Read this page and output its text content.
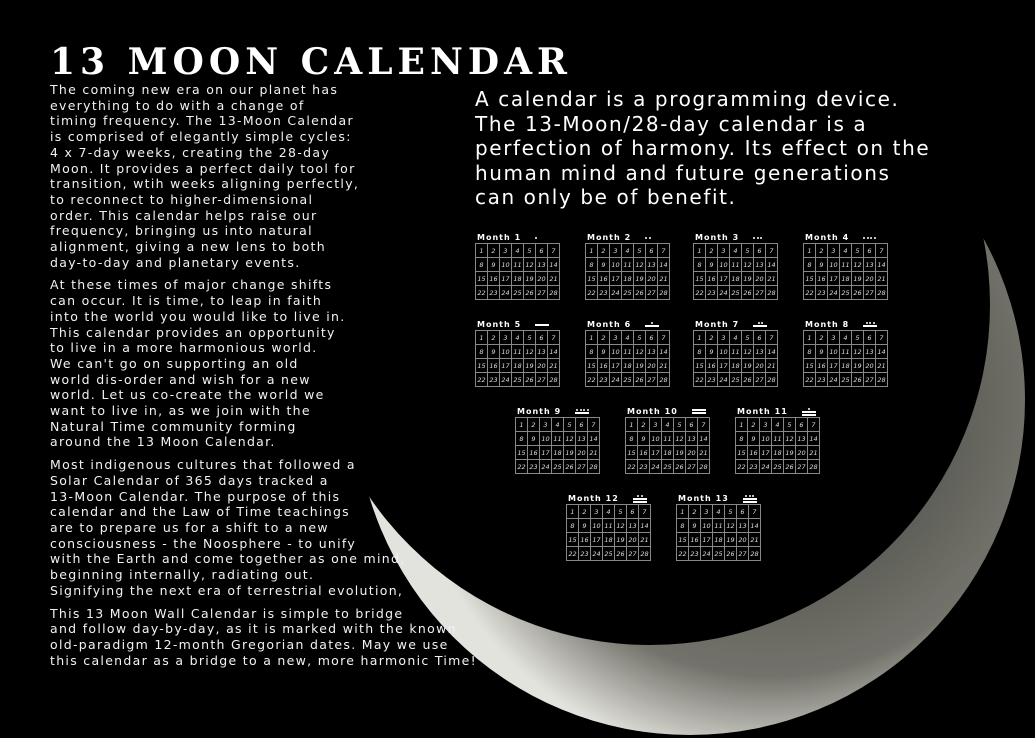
13 MOON CALENDAR

The coming new era on our planet has
everything to do with a change of
timing frequency. The 13-Moon Calendar
is comprised of elegantly simple cycles:
4 x 7-day weeks, creating the 28-day
Moon. It provides a perfect daily tool for
transition, wtih weeks aligning perfectly,
to reconnect to higher-dimensional
order. This calendar helps raise our
frequency, bringing us into natural
alignment, giving a new lens to both
day-to-day and planetary events.

At these times of major change shifts
can occur. It is time, to leap in faith
into the world you would like to live in.
This calendar provides an opportunity
to live in a more harmonious world.
We can't go on supporting an old
world dis-order and wish for a new
world. Let us co-create the world we
want to live in, as we join with the
Natural Time community forming
around the 13 Moon Calendar.

Most indigenous cultures that followed a
Solar Calendar of 365 days tracked a
13-Moon Calendar. The purpose of this
calendar and the Law of Time teachings
are to prepare us for a shift to a new
consciousness - the Noosphere - to unify
with the Earth and come together as one mind,
beginning internally, radiating out.
Signifying the next era of terrestrial evolution,

This 13 Moon Wall Calendar is simple to bridge
and follow day-by-day, as it is marked with the known
old-paradigm 12-month Gregorian dates. May we use
this calendar as a bridge to a new, more harmonic Time!

A calendar is a programming device.
The 13-Moon/28-day calendar is a
perfection of harmony. Its effect on the
human mind and future generations
can only be of benefit.

Month 1
1	2	3	4	5	6	7
8	9 10 11 12 13 14
15 16 17 18 19 20 21
22 23 24 25 26 27 28
Month 2
1	2	3	4	5	6	7
8	9 10 11 12 13 14
15 16 17 18 19 20 21
22 23 24 25 26 27 28
Month 3
1	2	3	4	5	6	7
8	9 10 11 12 13 14
15 16 17 18 19 20 21
22 23 24 25 26 27 28
Month 4
1	2	3	4	5	6	7
8	9 10 11 12 13 14
15 16 17 18 19 20 21
22 23 24 25 26 27 28
Month 5
1	2	3	4	5	6	7
8	9 10 11 12 13 14
15 16 17 18 19 20 21
22 23 24 25 26 27 28
Month 6
1	2	3	4	5	6	7
8	9 10 11 12 13 14
15 16 17 18 19 20 21
22 23 24 25 26 27 28
Month 7
1	2	3	4	5	6	7
8	9 10 11 12 13 14
15 16 17 18 19 20 21
22 23 24 25 26 27 28
Month 8
1	2	3	4	5	6	7
8	9 10 11 12 13 14
15 16 17 18 19 20 21
22 23 24 25 26 27 28
Month 9
1	2	3	4	5	6	7
8	9 10 11 12 13 14
15 16 17 18 19 20 21
22 23 24 25 26 27 28
Month 10
1	2	3	4	5	6	7
8	9 10 11 12 13 14
15 16 17 18 19 20 21
22 23 24 25 26 27 28
Month 11
1	2	3	4	5	6	7
8	9 10 11 12 13 14
15 16 17 18 19 20 21
22 23 24 25 26 27 28
Month 12
1	2	3	4	5	6	7
8	9 10 11 12 13 14
15 16 17 18 19 20 21
22 23 24 25 26 27 28
Month 13
1	2	3	4	5	6	7
8	9 10 11 12 13 14
15 16 17 18 19 20 21
22 23 24 25 26 27 28
